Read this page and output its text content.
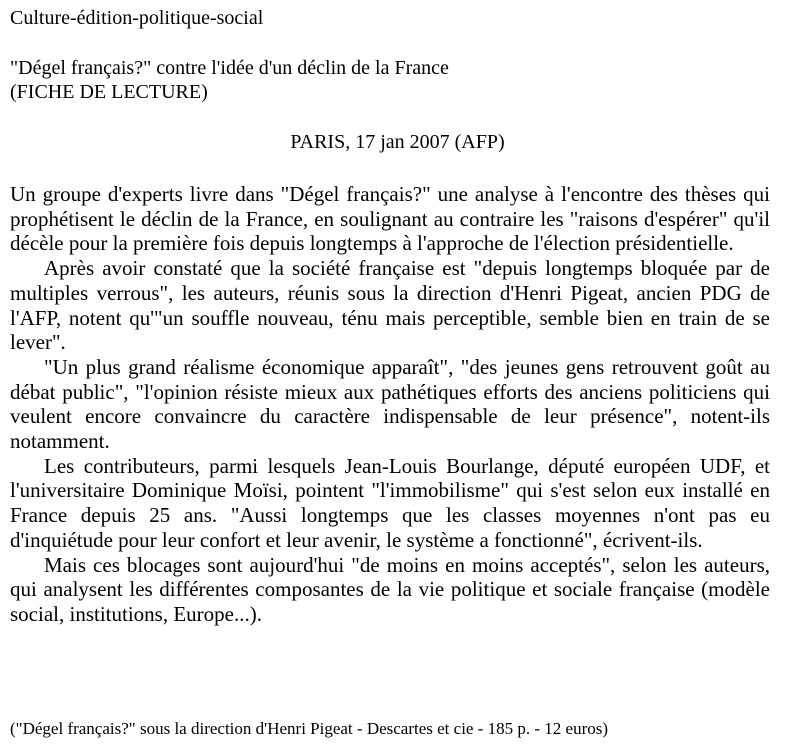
Culture-édition-politique-social
"Dégel français?" contre l'idée d'un déclin de la France
(FICHE DE LECTURE)
PARIS, 17 jan 2007 (AFP)

Un groupe d'experts livre dans "Dégel français?" une analyse à l'encontre des thèses qui prophétisent le déclin de la France, en soulignant au contraire les "raisons d'espérer" qu'il décèle pour la première fois depuis longtemps à l'approche de l'élection présidentielle.

Après avoir constaté que la société française est "depuis longtemps bloquée par de multiples verrous", les auteurs, réunis sous la direction d'Henri Pigeat, ancien PDG de l'AFP, notent qu'"un souffle nouveau, ténu mais perceptible, semble bien en train de se lever".

"Un plus grand réalisme économique apparaît", "des jeunes gens retrouvent goût au débat public", "l'opinion résiste mieux aux pathétiques efforts des anciens politiciens qui veulent encore convaincre du caractère indispensable de leur présence", notent-ils notamment.

Les contributeurs, parmi lesquels Jean-Louis Bourlange, député européen UDF, et l'universitaire Dominique Moïsi, pointent "l'immobilisme" qui s'est selon eux installé en France depuis 25 ans. "Aussi longtemps que les classes moyennes n'ont pas eu d'inquiétude pour leur confort et leur avenir, le système a fonctionné", écrivent-ils.

Mais ces blocages sont aujourd'hui "de moins en moins acceptés", selon les auteurs, qui analysent les différentes composantes de la vie politique et sociale française (modèle social, institutions, Europe...).

("Dégel français?" sous la direction d'Henri Pigeat - Descartes et cie - 185 p. - 12 euros)
